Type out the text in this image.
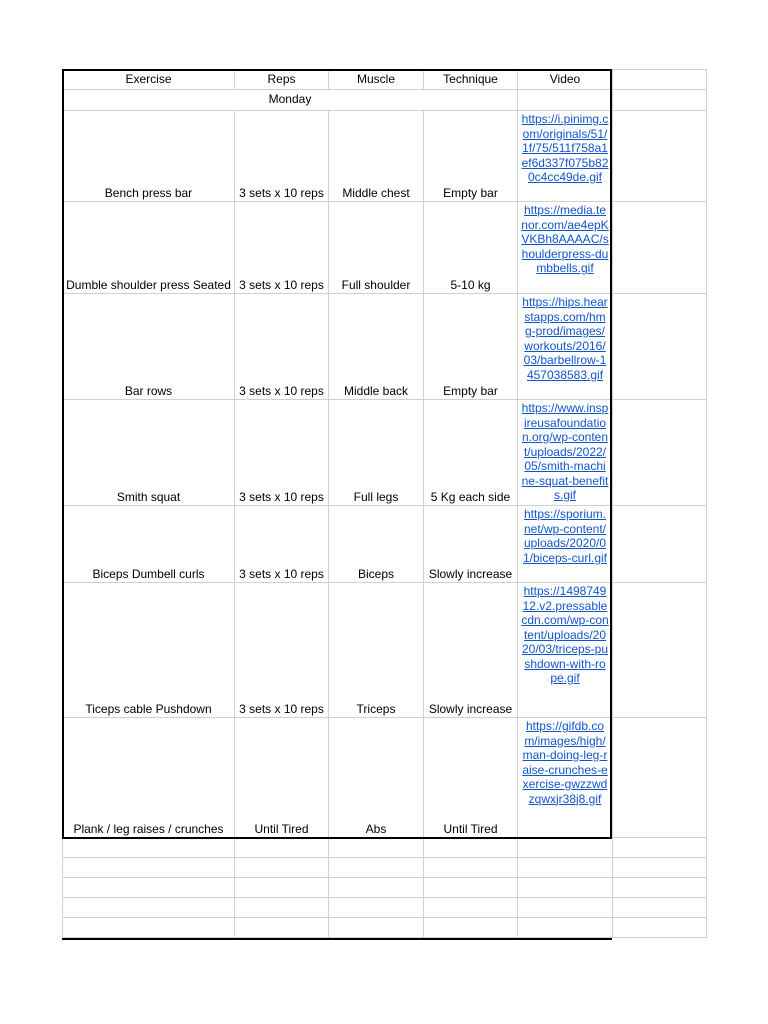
Exercise	Reps	Muscle	Technique	Video	
Monday					
Bench press bar	3 sets x 10 reps	Middle chest	Empty bar	https://i.pinimg.com/originals/51/1f/75/511f758a1ef6d337f075b820c4cc49de.gif	
Dumble shoulder press Seated	3 sets x 10 reps	Full shoulder	5-10 kg	https://media.tenor.com/ae4epKVKBh8AAAAC/shoulderpress-dumbbells.gif	
Bar rows	3 sets x 10 reps	Middle back	Empty bar	https://hips.hearstapps.com/hmg-prod/images/workouts/2016/03/barbellrow-1457038583.gif	
Smith squat	3 sets x 10 reps	Full legs	5 Kg each side	https://www.inspireusafoundation.org/wp-content/uploads/2022/05/smith-machine-squat-benefits.gif	
Biceps Dumbell curls	3 sets x 10 reps	Biceps	Slowly increase	https://sporium.net/wp-content/uploads/2020/01/biceps-curl.gif	
Ticeps cable Pushdown	3 sets x 10 reps	Triceps	Slowly increase	https://149874912.v2.pressablecdn.com/wp-content/uploads/2020/03/triceps-pushdown-with-rope.gif	
Plank / leg raises / crunches	Until Tired	Abs	Until Tired	https://gifdb.com/images/high/man-doing-leg-raise-crunches-exercise-gwzzwdzqwxjr38j8.gif	
